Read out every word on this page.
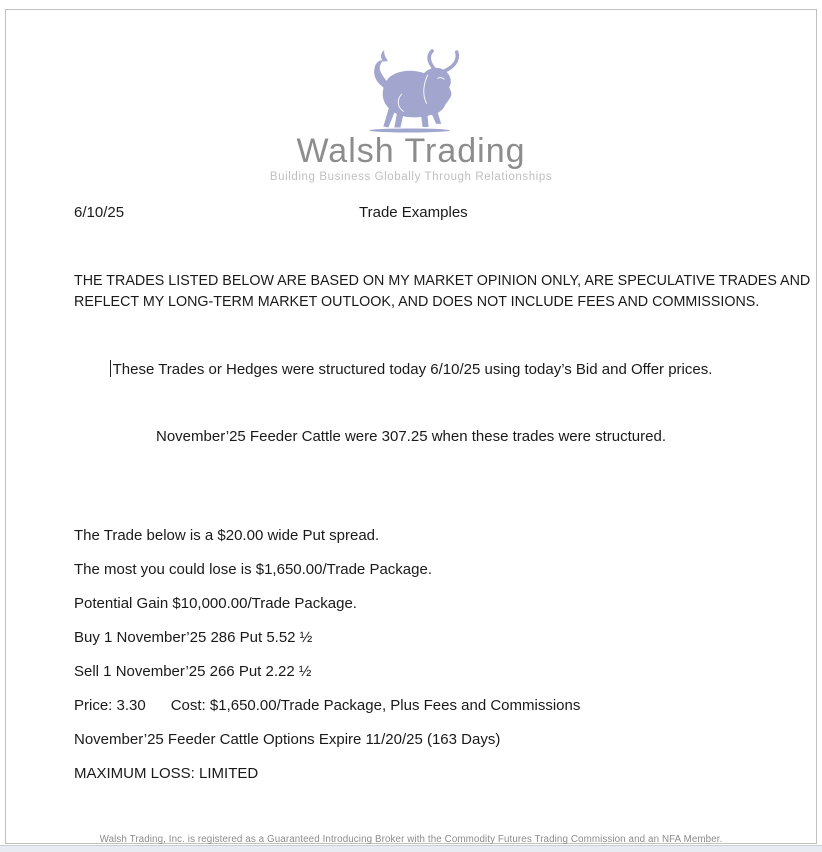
Walsh Trading
Building Business Globally Through Relationships
6/10/25	Trade Examples
THE TRADES LISTED BELOW ARE BASED ON MY MARKET OPINION ONLY, ARE SPECULATIVE TRADES AND
REFLECT MY LONG-TERM MARKET OUTLOOK, AND DOES NOT INCLUDE FEES AND COMMISSIONS.
These Trades or Hedges were structured today 6/10/25 using today’s Bid and Offer prices.
November’25 Feeder Cattle were 307.25 when these trades were structured.
The Trade below is a $20.00 wide Put spread.
The most you could lose is $1,650.00/Trade Package.
Potential Gain $10,000.00/Trade Package.
Buy 1 November’25 286 Put 5.52 ½
Sell 1 November’25 266 Put 2.22 ½
Price: 3.30      Cost: $1,650.00/Trade Package, Plus Fees and Commissions
November’25 Feeder Cattle Options Expire 11/20/25 (163 Days)
MAXIMUM LOSS: LIMITED
Walsh Trading, Inc. is registered as a Guaranteed Introducing Broker with the Commodity Futures Trading Commission and an NFA Member.
